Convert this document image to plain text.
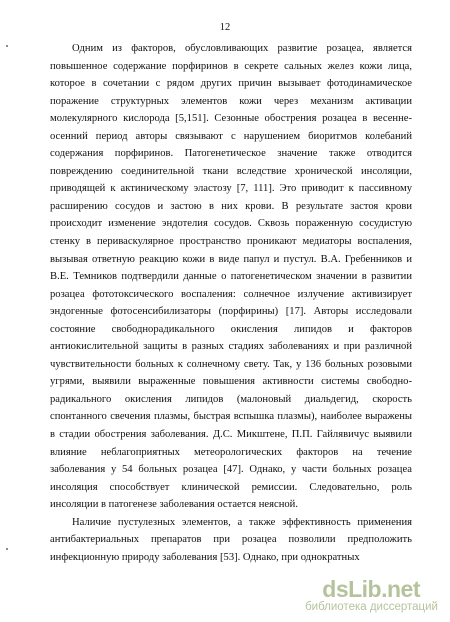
12

Одним из факторов, обусловливающих развитие розацеа, является повышенное содержание порфиринов в секрете сальных желез кожи лица, которое в сочетании с рядом других причин вызывает фотодинамическое поражение структурных элементов кожи через механизм активации молекулярного кислорода [5,151]. Сезонные обострения розацеа в весенне-осенний период авторы связывают с нарушением биоритмов колебаний содержания порфиринов. Патогенетическое значение также отводится повреждению соединительной ткани вследствие хронической инсоляции, приводящей к актиническому эластозу [7, 111]. Это приводит к пассивному расширению сосудов и застою в них крови. В результате застоя крови происходит изменение эндотелия сосудов. Сквозь пораженную сосудистую стенку в периваскулярное пространство проникают медиаторы воспаления, вызывая ответную реакцию кожи в виде папул и пустул. В.А. Гребенников и В.Е. Темников подтвердили данные о патогенетическом значении в развитии розацеа фототоксического воспаления: солнечное излучение активизирует эндогенные фотосенсибилизаторы (порфирины) [17]. Авторы исследовали состояние свободнорадикального окисления липидов и факторов антиокислительной защиты в разных стадиях заболеваниях и при различной чувствительности больных к солнечному свету. Так, у 136 больных розовыми угрями, выявили выраженные повышения активности системы свободно-радикального окисления липидов (малоновый диальдегид, скорость спонтанного свечения плазмы, быстрая вспышка плазмы), наиболее выражены в стадии обострения заболевания. Д.С. Микштене, П.П. Гайлявичус выявили влияние неблагоприятных метеорологических факторов на течение заболевания у 54 больных розацеа [47]. Однако, у части больных розацеа инсоляция способствует клинической ремиссии. Следовательно, роль инсоляции в патогенезе заболевания остается неясной.

Наличие пустулезных элементов, а также эффективность применения антибактериальных препаратов при розацеа позволили предположить инфекционную природу заболевания [53]. Однако, при однократных

dsLib.net
библиотека диссертаций
